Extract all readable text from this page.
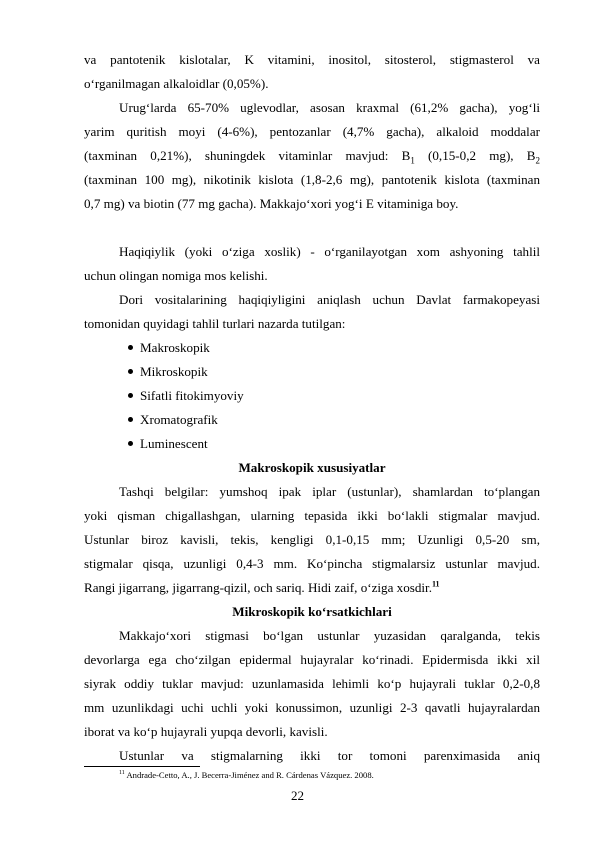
va pantotenik kislotalar, K vitamini, inositol, sitosterol, stigmasterol va
o‘rganilmagan alkaloidlar (0,05%).
Urug‘larda 65-70% uglevodlar, asosan kraxmal (61,2% gacha), yog‘li
yarim quritish moyi (4-6%), pentozanlar (4,7% gacha), alkaloid moddalar
(taxminan 0,21%), shuningdek vitaminlar mavjud: $B_1$ (0,15-0,2 mg), $B_2$
(taxminan 100 mg), nikotinik kislota (1,8-2,6 mg), pantotenik kislota (taxminan
0,7 mg) va biotin (77 mg gacha). Makkajo‘xori yog‘i E vitaminiga boy.
Haqiqiylik (yoki o‘ziga xoslik) - o‘rganilayotgan xom ashyoning tahlil
uchun olingan nomiga mos kelishi.
Dori vositalarining haqiqiyligini aniqlash uchun Davlat farmakopeyasi
tomonidan quyidagi tahlil turlari nazarda tutilgan:
Makroskopik
Mikroskopik
Sifatli fitokimyoviy
Xromatografik
Luminescent
Makroskopik xususiyatlar
Tashqi belgilar: yumshoq ipak iplar (ustunlar), shamlardan to‘plangan
yoki qisman chigallashgan, ularning tepasida ikki bo‘lakli stigmalar mavjud.
Ustunlar biroz kavisli, tekis, kengligi 0,1-0,15 mm; Uzunligi 0,5-20 sm,
stigmalar qisqa, uzunligi 0,4-3 mm. Ko‘pincha stigmalarsiz ustunlar mavjud.
Rangi jigarrang, jigarrang-qizil, och sariq. Hidi zaif, o‘ziga xosdir.$^{11}$
Mikroskopik ko‘rsatkichlari
Makkajo‘xori stigmasi bo‘lgan ustunlar yuzasidan qaralganda, tekis
devorlarga ega cho‘zilgan epidermal hujayralar ko‘rinadi. Epidermisda ikki xil
siyrak oddiy tuklar mavjud: uzunlamasida lehimli ko‘p hujayrali tuklar 0,2-0,8
mm uzunlikdagi uchi uchli yoki konussimon, uzunligi 2-3 qavatli hujayralardan
iborat va ko‘p hujayrali yupqa devorli, kavisli.
Ustunlar va stigmalarning ikki tor tomoni parenximasida aniq
$^{11}$ Andrade-Cetto, A., J. Becerra-Jiménez and R. Cárdenas Vázquez. 2008.
22
